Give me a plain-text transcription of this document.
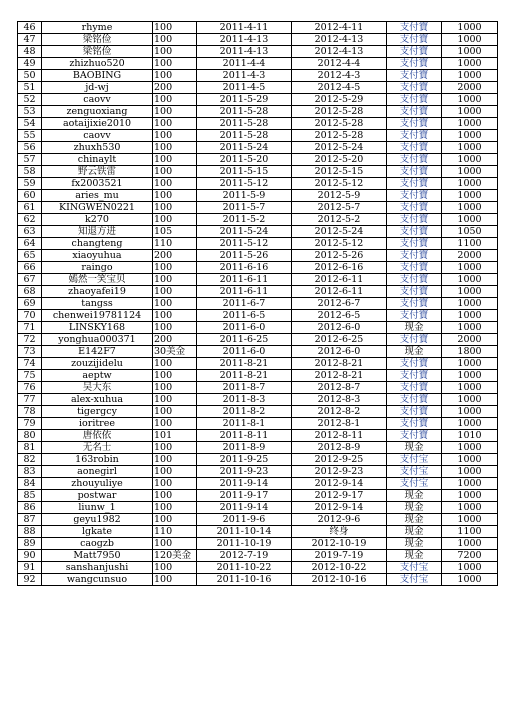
46	rhyme	100	2011-4-11	2012-4-11	支付寶	1000
47	梁铭俭	100	2011-4-13	2012-4-13	支付寶	1000
48	梁铭俭	100	2011-4-13	2012-4-13	支付寶	1000
49	zhizhuo520	100	2011-4-4	2012-4-4	支付寶	1000
50	BAOBING	100	2011-4-3	2012-4-3	支付寶	1000
51	jd-wj	200	2011-4-5	2012-4-5	支付寶	2000
52	caovv	100	2011-5-29	2012-5-29	支付寶	1000
53	zenguoxiang	100	2011-5-28	2012-5-28	支付寶	1000
54	aotaijixie2010	100	2011-5-28	2012-5-28	支付寶	1000
55	caovv	100	2011-5-28	2012-5-28	支付寶	1000
56	zhuxh530	100	2011-5-24	2012-5-24	支付寶	1000
57	chinaylt	100	2011-5-20	2012-5-20	支付寶	1000
58	野云铁雷	100	2011-5-15	2012-5-15	支付寶	1000
59	fx2003521	100	2011-5-12	2012-5-12	支付寶	1000
60	aries_mu	100	2011-5-9	2012-5-9	支付寶	1000
61	KINGWEN0221	100	2011-5-7	2012-5-7	支付寶	1000
62	k270	100	2011-5-2	2012-5-2	支付寶	1000
63	知退方进	105	2011-5-24	2012-5-24	支付寶	1050
64	changteng	110	2011-5-12	2012-5-12	支付寶	1100
65	xiaoyuhua	200	2011-5-26	2012-5-26	支付寶	2000
66	raingo	100	2011-6-16	2012-6-16	支付寶	1000
67	嫣然一笑宝贝	100	2011-6-11	2012-6-11	支付寶	1000
68	zhaoyafei19	100	2011-6-11	2012-6-11	支付寶	1000
69	tangss	100	2011-6-7	2012-6-7	支付寶	1000
70	chenwei19781124	100	2011-6-5	2012-6-5	支付寶	1000
71	LINSKY168	100	2011-6-0	2012-6-0	现金	1000
72	yonghua000371	200	2011-6-25	2012-6-25	支付寶	2000
73	E142F7	30美金	2011-6-0	2012-6-0	现金	1800
74	zouzijidelu	100	2011-8-21	2012-8-21	支付寶	1000
75	aeptw	100	2011-8-21	2012-8-21	支付寶	1000
76	吴大东	100	2011-8-7	2012-8-7	支付寶	1000
77	alex-xuhua	100	2011-8-3	2012-8-3	支付寶	1000
78	tigergcy	100	2011-8-2	2012-8-2	支付寶	1000
79	ioritree	100	2011-8-1	2012-8-1	支付寶	1000
80	唐依依	101	2011-8-11	2012-8-11	支付寶	1010
81	无名士	100	2011-8-9	2012-8-9	现金	1000
82	163robin	100	2011-9-25	2012-9-25	支付宝	1000
83	aonegirl	100	2011-9-23	2012-9-23	支付宝	1000
84	zhouyuliye	100	2011-9-14	2012-9-14	支付宝	1000
85	postwar	100	2011-9-17	2012-9-17	现金	1000
86	liunw_1	100	2011-9-14	2012-9-14	现金	1000
87	geyu1982	100	2011-9-6	2012-9-6	现金	1000
88	lgkate	110	2011-10-14	终身	现金	1100
89	caogzb	100	2011-10-19	2012-10-19	现金	1000
90	Matt7950	120美金	2012-7-19	2019-7-19	现金	7200
91	sanshanjushi	100	2011-10-22	2012-10-22	支付宝	1000
92	wangcunsuo	100	2011-10-16	2012-10-16	支付宝	1000
